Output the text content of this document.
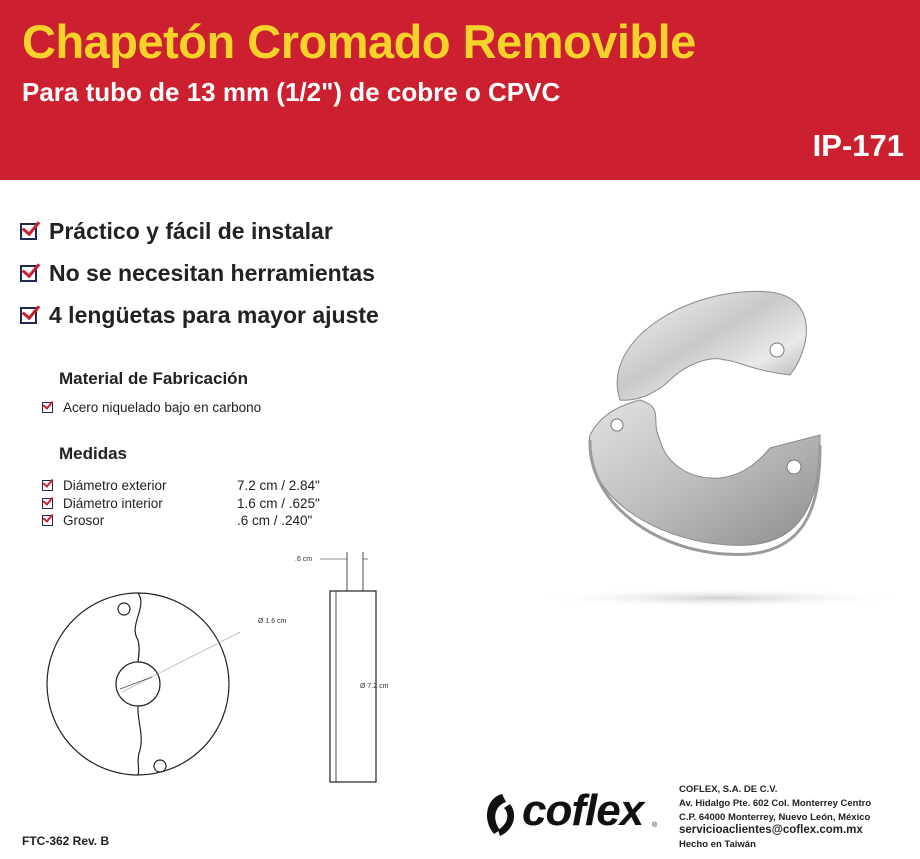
Chapetón Cromado Removible
Para tubo de 13 mm (1/2") de cobre o CPVC
IP-171
Práctico y fácil de instalar
No se necesitan herramientas
4 lengüetas para mayor ajuste
Material de Fabricación
Acero niquelado bajo en carbono
Medidas
Diámetro exterior	7.2 cm / 2.84"
Diámetro interior	1.6 cm / .625"
Grosor	.6 cm / .240"
Ø 1.6 cm
.6 cm
Ø 7.2 cm
coflex ®
COFLEX, S.A. DE C.V.
Av. Hidalgo Pte. 602 Col. Monterrey Centro
C.P. 64000 Monterrey, Nuevo León, México
servicioaclientes@coflex.com.mx
Hecho en Taiwán
FTC-362 Rev. B
